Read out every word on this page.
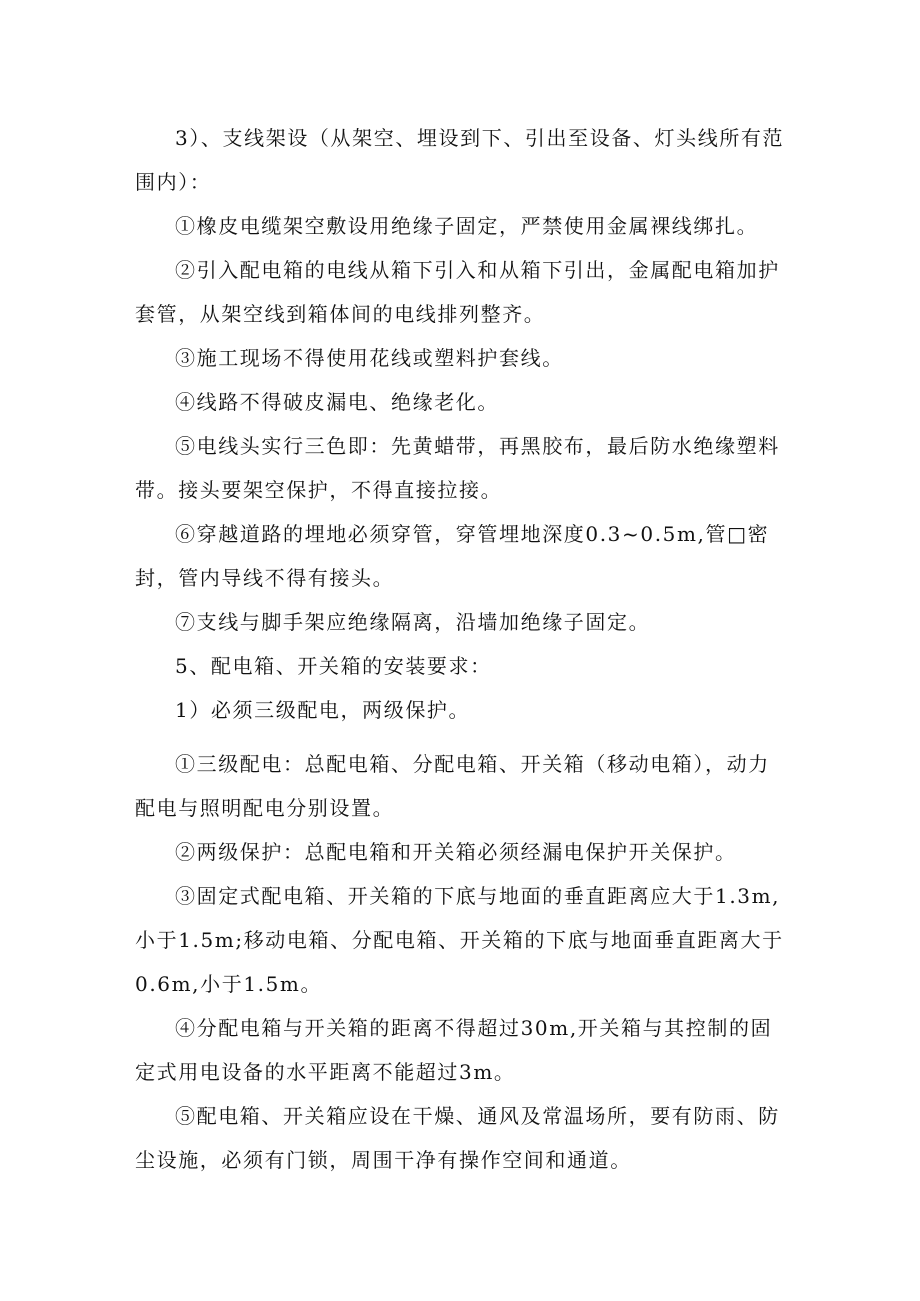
3）、支线架设（从架空、埋设到下、引出至设备、灯头线所有范围内）：

①橡皮电缆架空敷设用绝缘子固定，严禁使用金属裸线绑扎。

②引入配电箱的电线从箱下引入和从箱下引出，金属配电箱加护套管，从架空线到箱体间的电线排列整齐。

③施工现场不得使用花线或塑料护套线。

④线路不得破皮漏电、绝缘老化。

⑤电线头实行三色即：先黄蜡带，再黑胶布，最后防水绝缘塑料带。接头要架空保护，不得直接拉接。

⑥穿越道路的埋地必须穿管，穿管埋地深度0.3~0.5m,管□密封，管内导线不得有接头。

⑦支线与脚手架应绝缘隔离，沿墙加绝缘子固定。

5、配电箱、开关箱的安装要求：

1）必须三级配电，两级保护。

①三级配电：总配电箱、分配电箱、开关箱（移动电箱），动力配电与照明配电分别设置。

②两级保护：总配电箱和开关箱必须经漏电保护开关保护。

③固定式配电箱、开关箱的下底与地面的垂直距离应大于1.3m,小于1.5m;移动电箱、分配电箱、开关箱的下底与地面垂直距离大于0.6m,小于1.5m。

④分配电箱与开关箱的距离不得超过30m,开关箱与其控制的固定式用电设备的水平距离不能超过3m。

⑤配电箱、开关箱应设在干燥、通风及常温场所，要有防雨、防尘设施，必须有门锁，周围干净有操作空间和通道。
